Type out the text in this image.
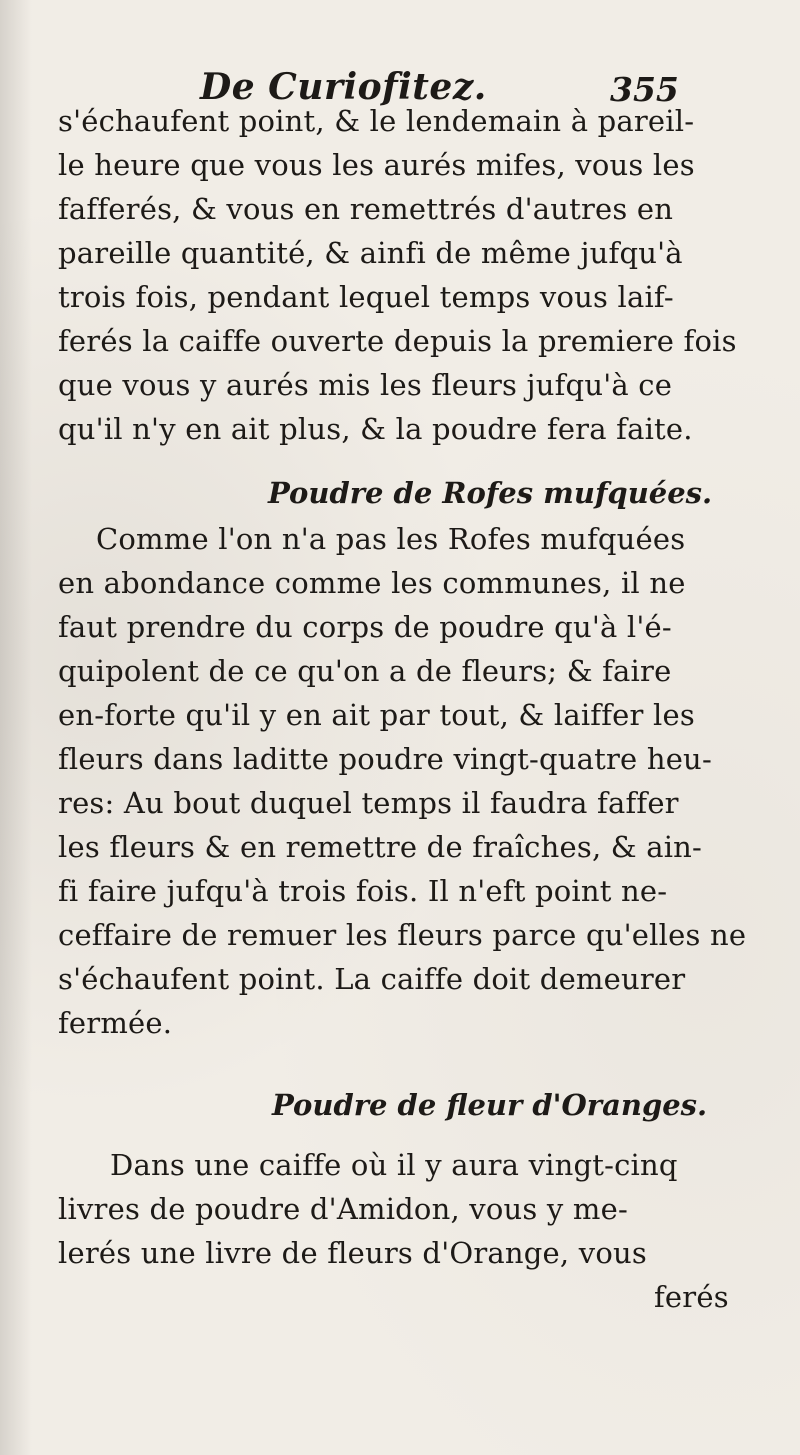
De Curiofitez.	355
s'échaufent point, & le lendemain à pareil-
le heure que vous les aurés mifes, vous les
fafferés, & vous en remettrés d'autres en
pareille quantité, & ainfi de même jufqu'à
trois fois, pendant lequel temps vous laif-
ferés la caiffe ouverte depuis la premiere fois
que vous y aurés mis les fleurs jufqu'à ce
qu'il n'y en ait plus, & la poudre fera faite.
Poudre de Rofes mufquées.
Comme l'on n'a pas les Rofes mufquées
en abondance comme les communes, il ne
faut prendre du corps de poudre qu'à l'é-
quipolent de ce qu'on a de fleurs; & faire
en-forte qu'il y en ait par tout, & laiffer les
fleurs dans laditte poudre vingt-quatre heu-
res: Au bout duquel temps il faudra faffer
les fleurs & en remettre de fraîches, & ain-
fi faire jufqu'à trois fois. Il n'eft point ne-
ceffaire de remuer les fleurs parce qu'elles ne
s'échaufent point. La caiffe doit demeurer
fermée.
Poudre de fleur d'Oranges.
Dans une caiffe où il y aura vingt-cinq
livres de poudre d'Amidon, vous y me-
lerés une livre de fleurs d'Orange, vous
ferés
